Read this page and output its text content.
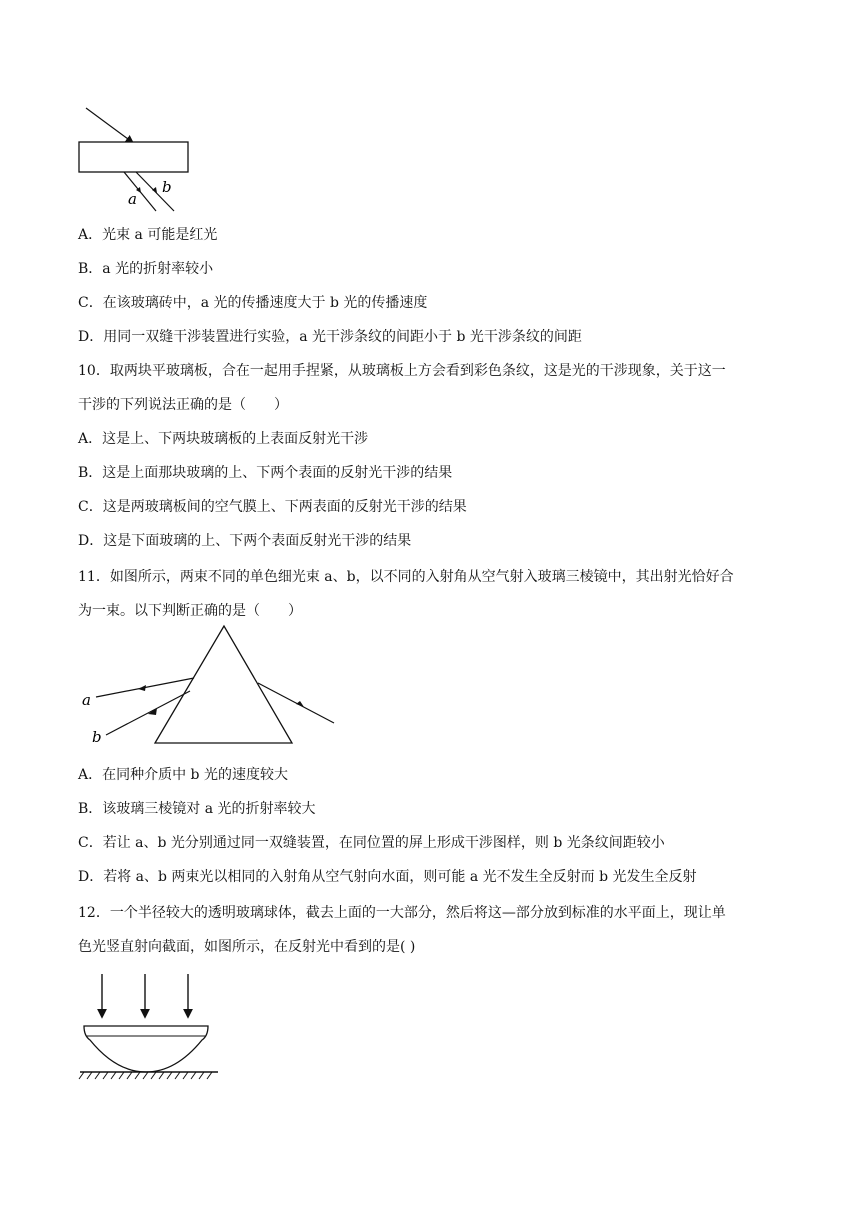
a
b
A．光束 a 可能是红光
B．a 光的折射率较小
C．在该玻璃砖中，a 光的传播速度大于 b 光的传播速度
D．用同一双缝干涉装置进行实验，a 光干涉条纹的间距小于 b 光干涉条纹的间距
10．取两块平玻璃板，合在一起用手捏紧，从玻璃板上方会看到彩色条纹，这是光的干涉现象，关于这一
干涉的下列说法正确的是（　　）
A．这是上、下两块玻璃板的上表面反射光干涉
B．这是上面那块玻璃的上、下两个表面的反射光干涉的结果
C．这是两玻璃板间的空气膜上、下两表面的反射光干涉的结果
D．这是下面玻璃的上、下两个表面反射光干涉的结果
11．如图所示，两束不同的单色细光束 a、b，以不同的入射角从空气射入玻璃三棱镜中，其出射光恰好合
为一束。以下判断正确的是（　　）
a
b
A．在同种介质中 b 光的速度较大
B．该玻璃三棱镜对 a 光的折射率较大
C．若让 a、b 光分别通过同一双缝装置，在同位置的屏上形成干涉图样，则 b 光条纹间距较小
D．若将 a、b 两束光以相同的入射角从空气射向水面，则可能 a 光不发生全反射而 b 光发生全反射
12．一个半径较大的透明玻璃球体，截去上面的一大部分，然后将这—部分放到标准的水平面上，现让单
色光竖直射向截面，如图所示，在反射光中看到的是( )
